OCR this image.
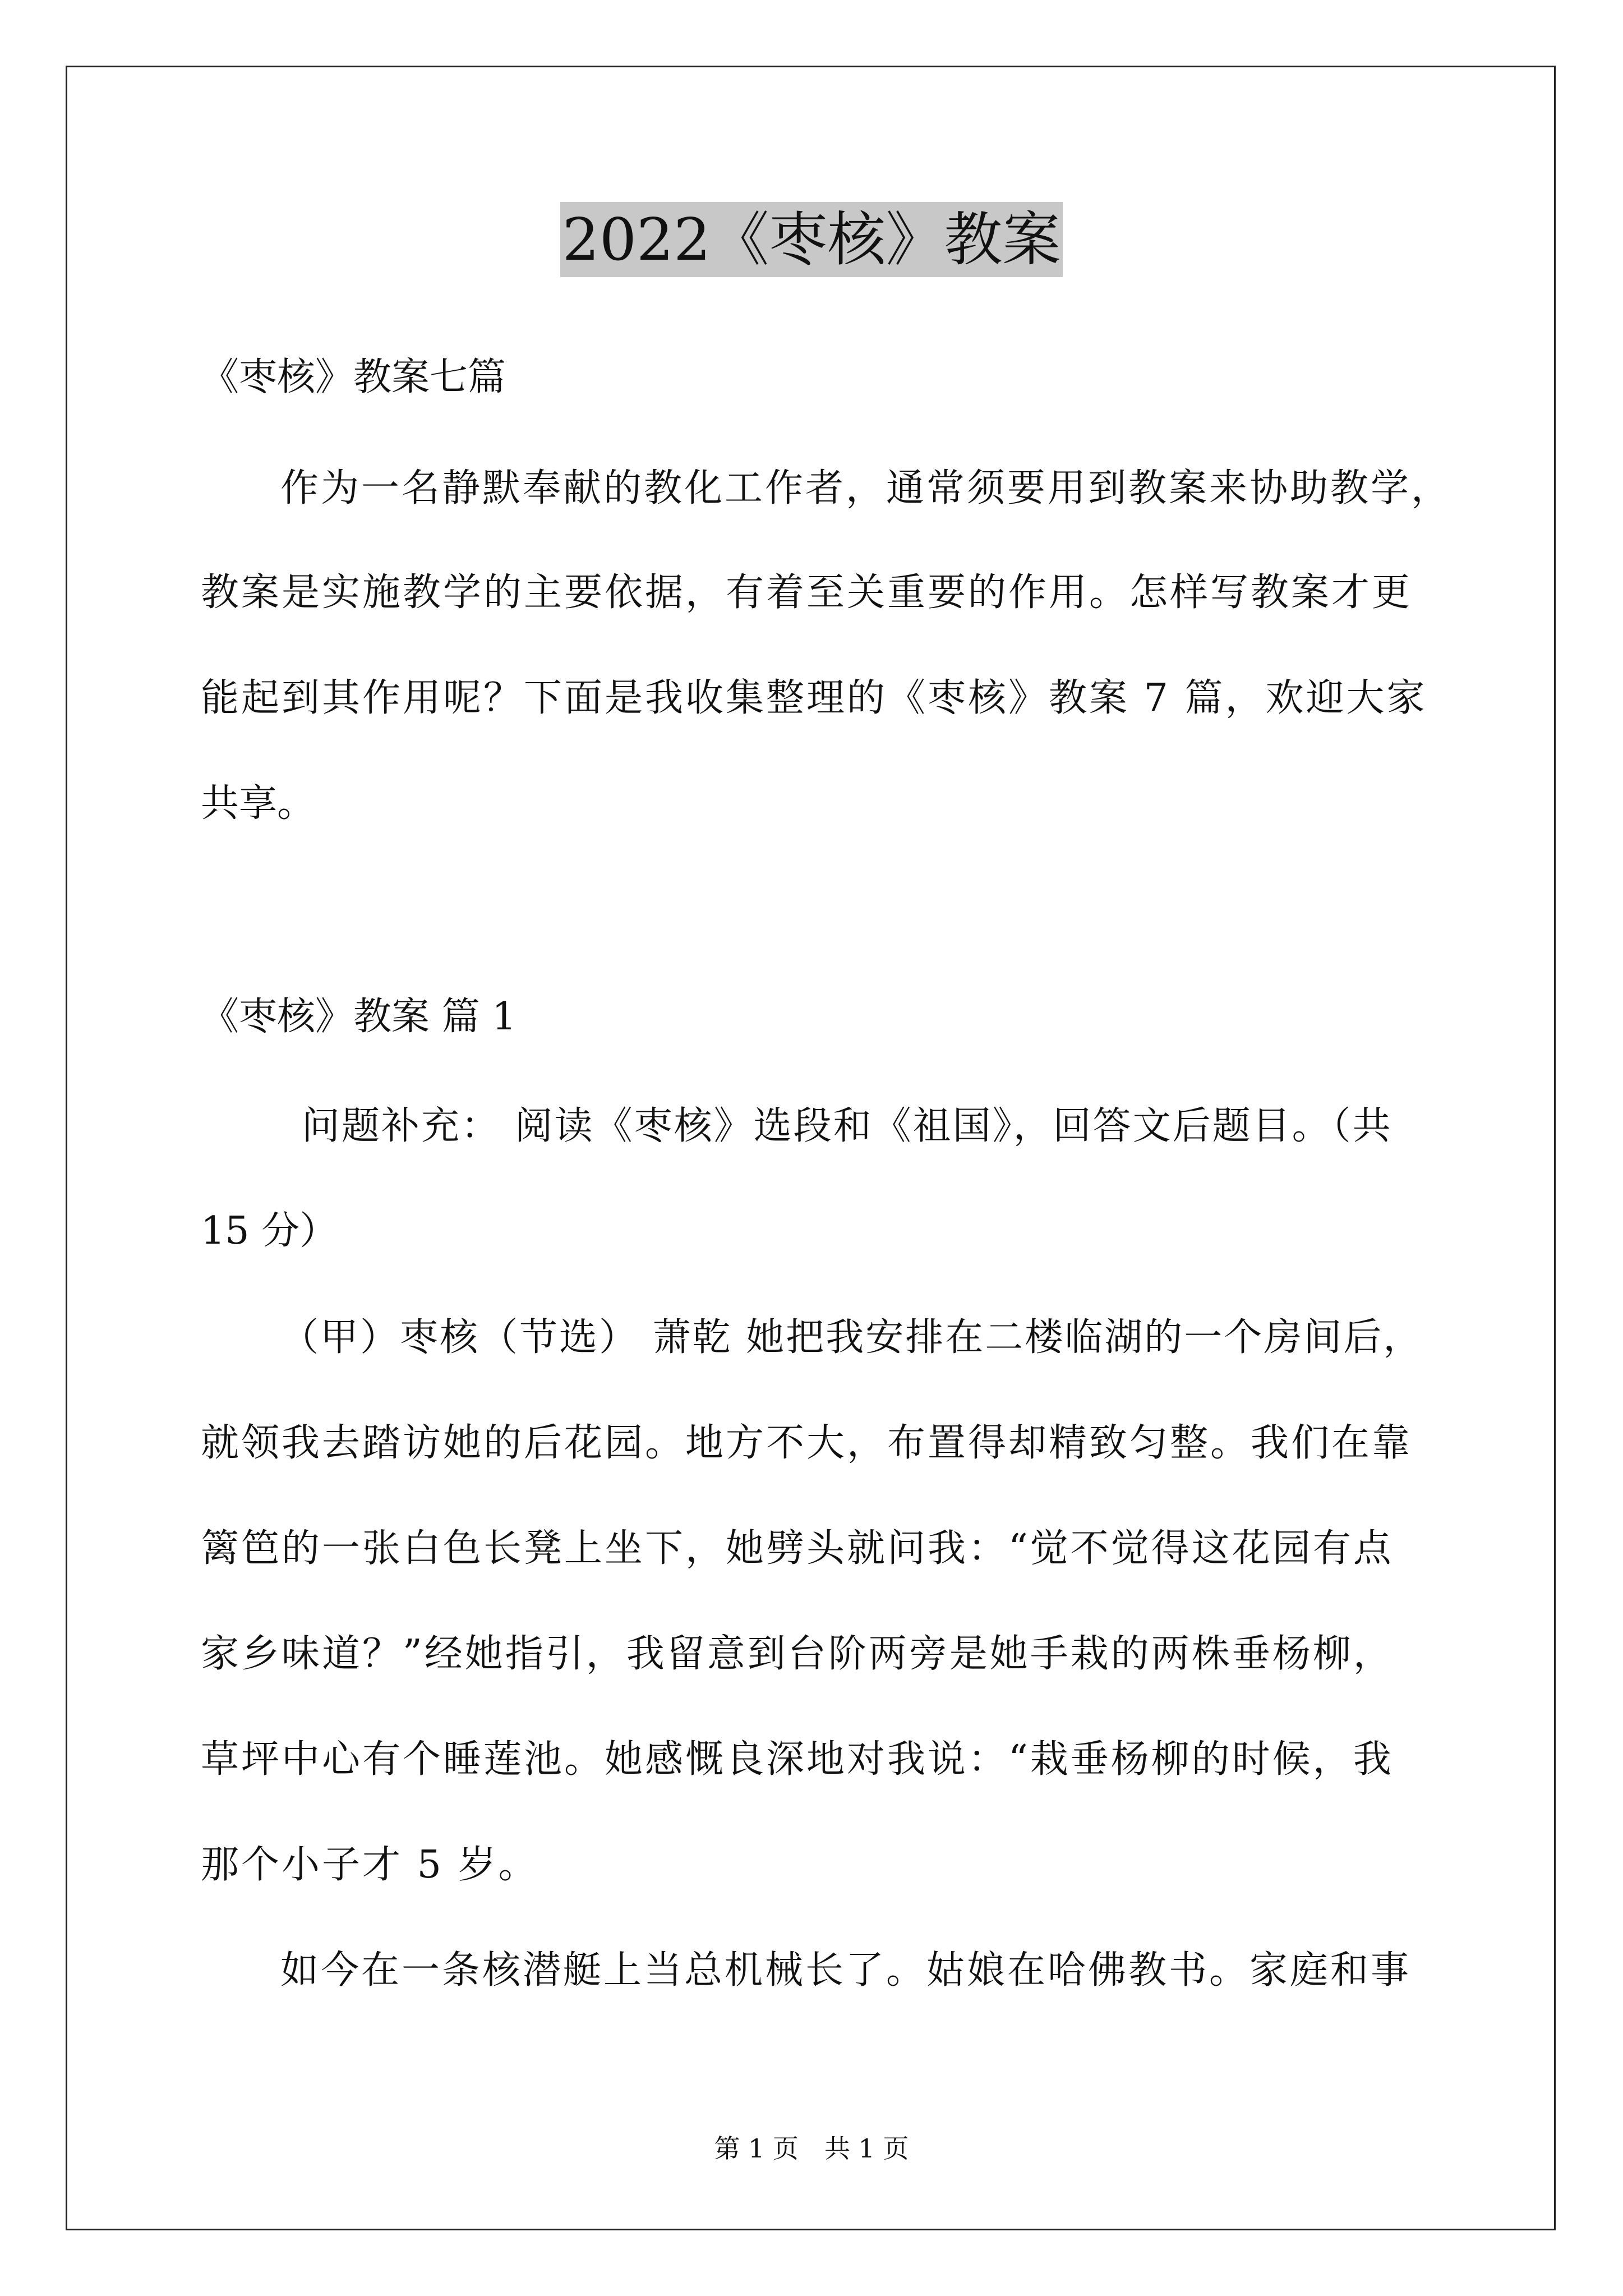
2022《枣核》教案

《枣核》教案七篇

作为一名静默奉献的教化工作者，通常须要用到教案来协助教学，

教案是实施教学的主要依据，有着至关重要的作用。怎样写教案才更

能起到其作用呢？下面是我收集整理的《枣核》教案 7 篇，欢迎大家

共享。

《枣核》教案 篇 1

问题补充： 阅读《枣核》选段和《祖国》，回答文后题目。（共

15 分）

（甲）枣核（节选） 萧乾 她把我安排在二楼临湖的一个房间后，

就领我去踏访她的后花园。地方不大，布置得却精致匀整。我们在靠

篱笆的一张白色长凳上坐下，她劈头就问我：“觉不觉得这花园有点

家乡味道？”经她指引，我留意到台阶两旁是她手栽的两株垂杨柳，

草坪中心有个睡莲池。她感慨良深地对我说：“栽垂杨柳的时候，我

那个小子才 5 岁。

如今在一条核潜艇上当总机械长了。姑娘在哈佛教书。家庭和事

第 1 页　共 1 页
